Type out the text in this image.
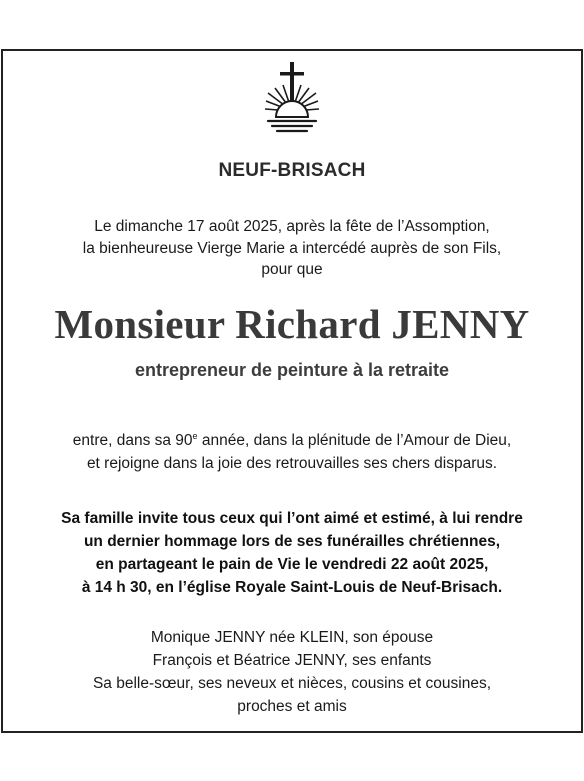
NEUF-BRISACH
Le dimanche 17 août 2025, après la fête de l’Assomption,
la bienheureuse Vierge Marie a intercédé auprès de son Fils,
pour que
Monsieur Richard JENNY
entrepreneur de peinture à la retraite
entre, dans sa 90e année, dans la plénitude de l’Amour de Dieu,
et rejoigne dans la joie des retrouvailles ses chers disparus.
Sa famille invite tous ceux qui l’ont aimé et estimé, à lui rendre
un dernier hommage lors de ses funérailles chrétiennes,
en partageant le pain de Vie le vendredi 22 août 2025,
à 14 h 30, en l’église Royale Saint-Louis de Neuf-Brisach.
Monique JENNY née KLEIN, son épouse
François et Béatrice JENNY, ses enfants
Sa belle-sœur, ses neveux et nièces, cousins et cousines,
proches et amis
